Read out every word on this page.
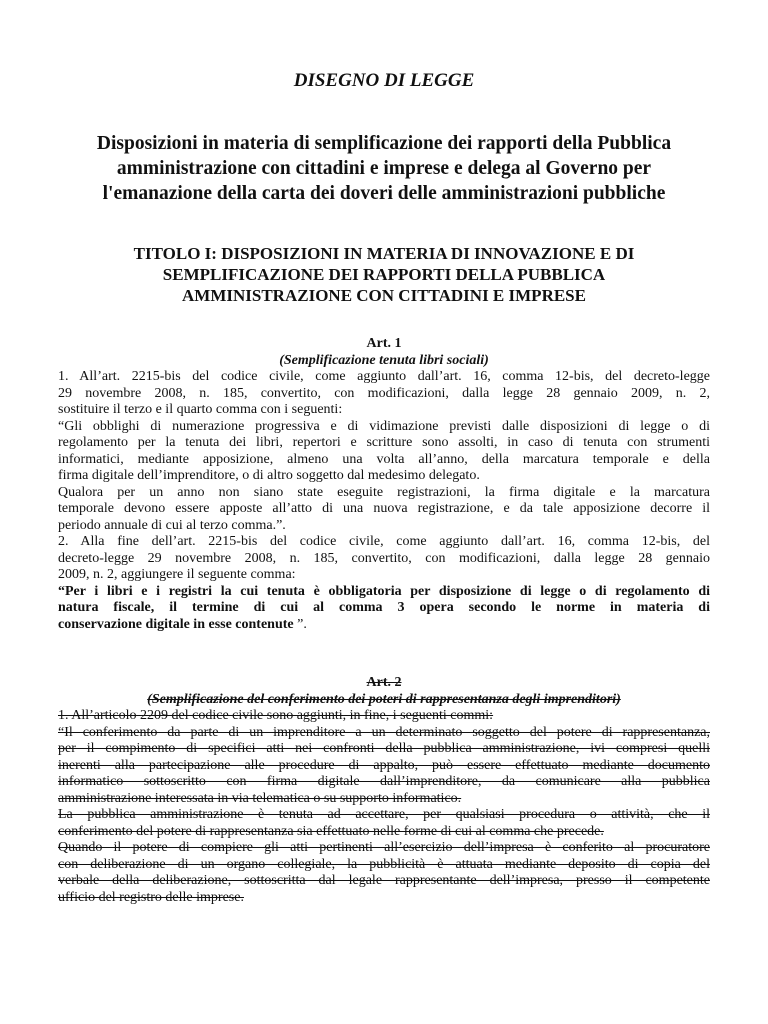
DISEGNO DI LEGGE
Disposizioni in materia di semplificazione dei rapporti della Pubblica
amministrazione con cittadini e imprese e delega al Governo per
l'emanazione della carta dei doveri delle amministrazioni pubbliche
TITOLO I: DISPOSIZIONI IN MATERIA DI INNOVAZIONE E DI
SEMPLIFICAZIONE DEI RAPPORTI DELLA PUBBLICA
AMMINISTRAZIONE CON CITTADINI E IMPRESE

Art. 1

(Semplificazione tenuta libri sociali)

1. All’art. 2215-bis del codice civile, come aggiunto dall’art. 16, comma 12-bis, del decreto-legge
29 novembre 2008, n. 185, convertito, con modificazioni, dalla legge 28 gennaio 2009, n. 2,
sostituire il terzo e il quarto comma con i seguenti:

“Gli obblighi di numerazione progressiva e di vidimazione previsti dalle disposizioni di legge o di
regolamento per la tenuta dei libri, repertori e scritture sono assolti, in caso di tenuta con strumenti
informatici, mediante apposizione, almeno una volta all’anno, della marcatura temporale e della
firma digitale dell’imprenditore, o di altro soggetto dal medesimo delegato.

Qualora per un anno non siano state eseguite registrazioni, la firma digitale e la marcatura
temporale devono essere apposte all’atto di una nuova registrazione, e da tale apposizione decorre il
periodo annuale di cui al terzo comma.”.

2. Alla fine dell’art. 2215-bis del codice civile, come aggiunto dall’art. 16, comma 12-bis, del
decreto-legge 29 novembre 2008, n. 185, convertito, con modificazioni, dalla legge 28 gennaio
2009, n. 2, aggiungere il seguente comma:

“Per i libri e i registri la cui tenuta è obbligatoria per disposizione di legge o di regolamento di
natura fiscale, il termine di cui al comma 3 opera secondo le norme in materia di
conservazione digitale in esse contenute ”.

Art. 2

(Semplificazione del conferimento dei poteri di rappresentanza degli imprenditori)

1. All’articolo 2209 del codice civile sono aggiunti, in fine, i seguenti commi:

“Il conferimento da parte di un imprenditore a un determinato soggetto del potere di rappresentanza,
per il compimento di specifici atti nei confronti della pubblica amministrazione, ivi compresi quelli
inerenti alla partecipazione alle procedure di appalto, può essere effettuato mediante documento
informatico sottoscritto con firma digitale dall’imprenditore, da comunicare alla pubblica
amministrazione interessata in via telematica o su supporto informatico.

La pubblica amministrazione è tenuta ad accettare, per qualsiasi procedura o attività, che il
conferimento del potere di rappresentanza sia effettuato nelle forme di cui al comma che precede.

Quando il potere di compiere gli atti pertinenti all’esercizio dell’impresa è conferito al procuratore
con deliberazione di un organo collegiale, la pubblicità è attuata mediante deposito di copia del
verbale della deliberazione, sottoscritta dal legale rappresentante dell’impresa, presso il competente
ufficio del registro delle imprese.
